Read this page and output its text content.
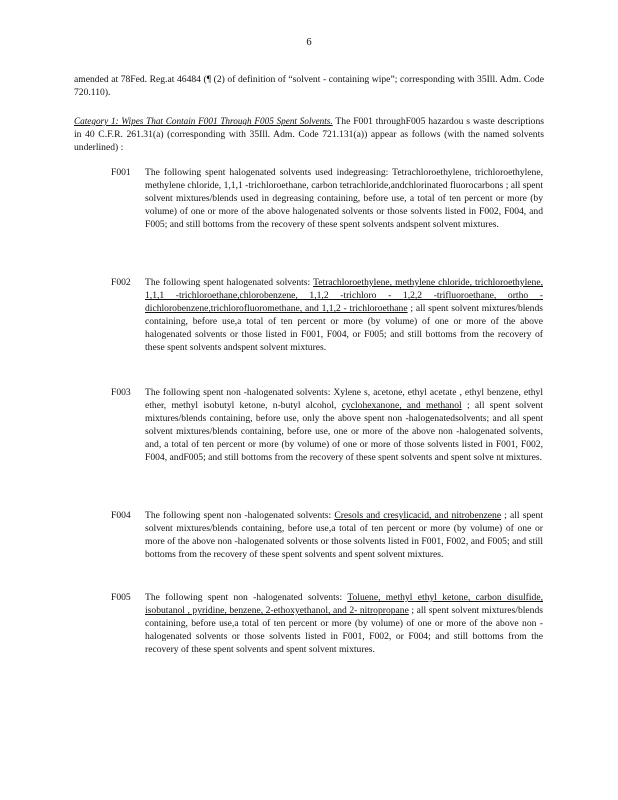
6

amended at 78Fed. Reg.at 46484 (¶ (2) of definition of “solvent - containing wipe”; corresponding with 35Ill. Adm. Code 720.110).

Category 1: Wipes That Contain F001 Through F005 Spent Solvents. The F001 throughF005 hazardou s waste descriptions in 40 C.F.R. 261.31(a) (corresponding with 35Ill. Adm. Code 721.131(a)) appear as follows (with the named solvents underlined) :

F001	The following spent halogenated solvents used indegreasing: Tetrachloroethylene, trichloroethylene, methylene chloride, 1,1,1 -trichloroethane, carbon tetrachloride,andchlorinated fluorocarbons ; all spent solvent mixtures/blends used in degreasing containing, before use, a total of ten percent or more (by volume) of one or more of the above halogenated solvents or those solvents listed in F002, F004, and F005; and still bottoms from the recovery of these spent solvents andspent solvent mixtures.
F002	The following spent halogenated solvents: Tetrachloroethylene, methylene chloride, trichloroethylene, 1,1,1 -trichloroethane,chlorobenzene, 1,1,2 -trichloro - 1,2,2 -trifluoroethane, ortho -dichlorobenzene,trichlorofluoromethane, and 1,1,2 - trichloroethane ; all spent solvent mixtures/blends containing, before use,a total of ten percent or more (by volume) of one or more of the above halogenated solvents or those listed in F001, F004, or F005; and still bottoms from the recovery of these spent solvents andspent solvent mixtures.
F003	The following spent non -halogenated solvents: Xylene s, acetone, ethyl acetate , ethyl benzene, ethyl ether, methyl isobutyl ketone, n-butyl alcohol, cyclohexanone, and methanol ; all spent solvent mixtures/blends containing, before use, only the above spent non -halogenatedsolvents; and all spent solvent mixtures/blends containing, before use, one or more of the above non -halogenated solvents, and, a total of ten percent or more (by volume) of one or more of those solvents listed in F001, F002, F004, andF005; and still bottoms from the recovery of these spent solvents and spent solve nt mixtures.
F004	The following spent non -halogenated solvents: Cresols and cresylicacid, and nitrobenzene ; all spent solvent mixtures/blends containing, before use,a total of ten percent or more (by volume) of one or more of the above non -halogenated solvents or those solvents listed in F001, F002, and F005; and still bottoms from the recovery of these spent solvents and spent solvent mixtures.
F005	The following spent non -halogenated solvents: Toluene, methyl ethyl ketone, carbon disulfide, isobutanol , pyridine, benzene, 2-ethoxyethanol, and 2- nitropropane ; all spent solvent mixtures/blends containing, before use,a total of ten percent or more (by volume) of one or more of the above non -halogenated solvents or those solvents listed in F001, F002, or F004; and still bottoms from the recovery of these spent solvents and spent solvent mixtures.
